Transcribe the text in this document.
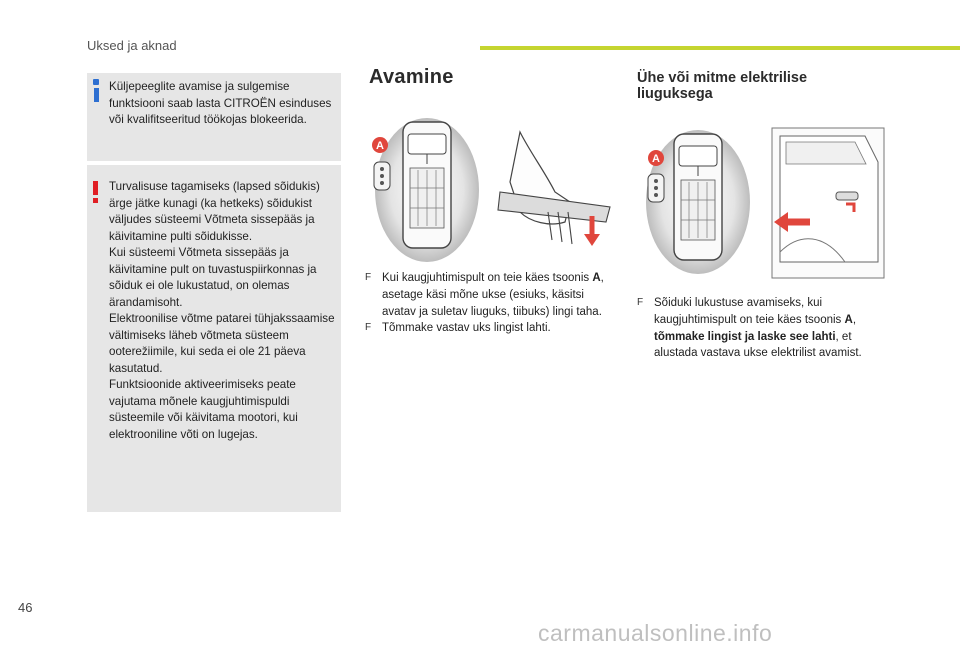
Uksed ja aknad
Küljepeeglite avamise ja sulgemise funktsiooni saab lasta CITROËN esinduses või kvalifitseeritud töökojas blokeerida.

Turvalisuse tagamiseks (lapsed sõidukis) ärge jätke kunagi (ka hetkeks) sõidukist väljudes süsteemi Võtmeta sissepääs ja käivitamine pulti sõidukisse.

Kui süsteemi Võtmeta sissepääs ja käivitamine pult on tuvastuspiirkonnas ja sõiduk ei ole lukustatud, on olemas ärandamisoht.

Elektroonilise võtme patarei tühjakssaamise vältimiseks läheb võtmeta süsteem ooterežiimile, kui seda ei ole 21 päeva kasutatud.

Funktsioonide aktiveerimiseks peate vajutama mõnele kaugjuhtimispuldi süsteemile või käivitama mootori, kui elektrooniline võti on lugejas.

Avamine
A

F Kui kaugjuhtimispult on teie käes tsoonis A, asetage käsi mõne ukse (esiuks, käsitsi avatav ja suletav liuguks, tiibuks) lingi taha.

F Tõmmake vastav uks lingist lahti.

Ühe või mitme elektrilise liuguksega
A

F Sõiduki lukustuse avamiseks, kui kaugjuhtimispult on teie käes tsoonis A, tõmmake lingist ja laske see lahti, et alustada vastava ukse elektrilist avamist.

46
carmanualsonline.info
